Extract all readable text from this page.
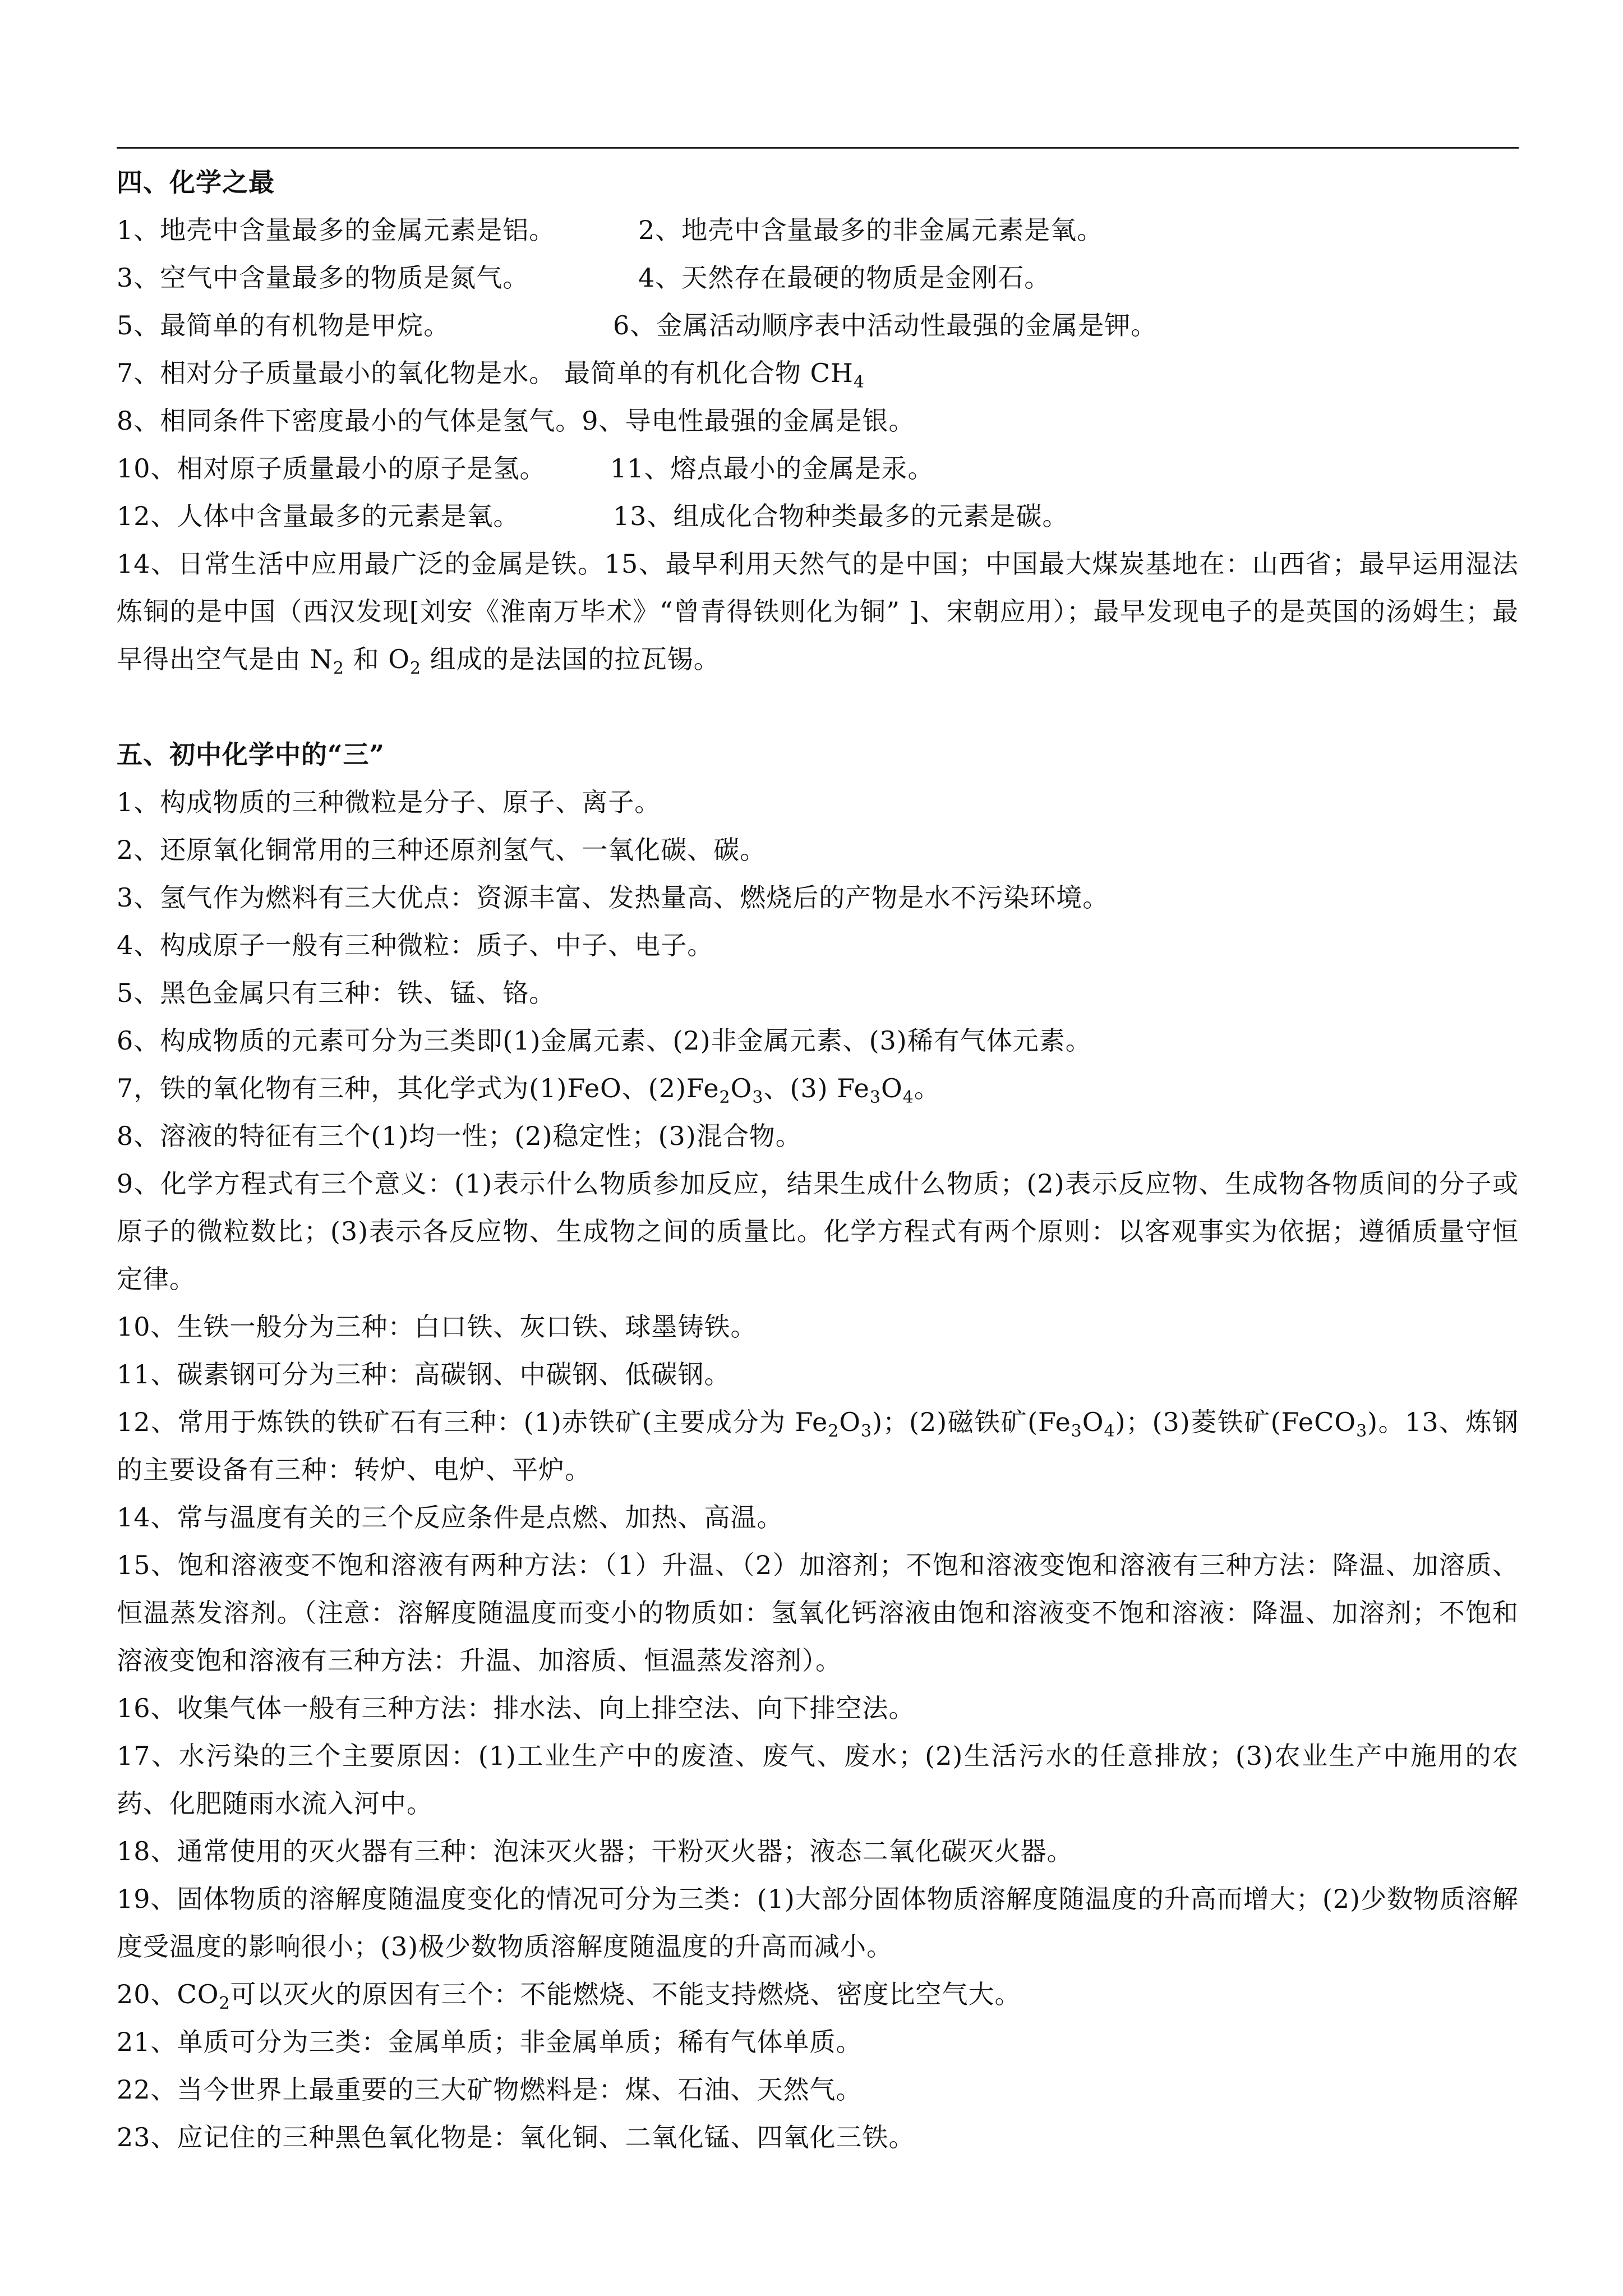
四、化学之最

1、地壳中含量最多的金属元素是铝。	2、地壳中含量最多的非金属元素是氧。
3、空气中含量最多的物质是氮气。	4、天然存在最硬的物质是金刚石。
5、最简单的有机物是甲烷。	6、金属活动顺序表中活动性最强的金属是钾。

7、相对分子质量最小的氧化物是水。 最简单的有机化合物 $CH_4$

8、相同条件下密度最小的气体是氢气。9、导电性最强的金属是银。

10、相对原子质量最小的原子是氢。	11、熔点最小的金属是汞。
12、人体中含量最多的元素是氧。	13、组成化合物种类最多的元素是碳。

14、日常生活中应用最广泛的金属是铁。15、最早利用天然气的是中国；中国最大煤炭基地在：山西省；最早运用湿法炼铜的是中国（西汉发现[刘安《淮南万毕术》“曾青得铁则化为铜” ]、宋朝应用）；最早发现电子的是英国的汤姆生；最早得出空气是由 $N_2$ 和 $O_2$ 组成的是法国的拉瓦锡。

五、初中化学中的“三”

1、构成物质的三种微粒是分子、原子、离子。

2、还原氧化铜常用的三种还原剂氢气、一氧化碳、碳。

3、氢气作为燃料有三大优点：资源丰富、发热量高、燃烧后的产物是水不污染环境。

4、构成原子一般有三种微粒：质子、中子、电子。

5、黑色金属只有三种：铁、锰、铬。

6、构成物质的元素可分为三类即(1)金属元素、(2)非金属元素、(3)稀有气体元素。

7，铁的氧化物有三种，其化学式为(1)FeO、$(2)Fe_2O_3$、(3) $Fe_3O_4$。

8、溶液的特征有三个(1)均一性；(2)稳定性；(3)混合物。

9、化学方程式有三个意义：(1)表示什么物质参加反应，结果生成什么物质；(2)表示反应物、生成物各物质间的分子或原子的微粒数比；(3)表示各反应物、生成物之间的质量比。化学方程式有两个原则：以客观事实为依据；遵循质量守恒定律。

10、生铁一般分为三种：白口铁、灰口铁、球墨铸铁。

11、碳素钢可分为三种：高碳钢、中碳钢、低碳钢。

12、常用于炼铁的铁矿石有三种：(1)赤铁矿(主要成分为 $Fe_2O_3$)；(2)磁铁矿$(Fe_3O_4)$；(3)菱铁矿(FeCO$_3$)。13、炼钢的主要设备有三种：转炉、电炉、平炉。

14、常与温度有关的三个反应条件是点燃、加热、高温。

15、饱和溶液变不饱和溶液有两种方法：（1）升温、（2）加溶剂；不饱和溶液变饱和溶液有三种方法：降温、加溶质、恒温蒸发溶剂。（注意：溶解度随温度而变小的物质如：氢氧化钙溶液由饱和溶液变不饱和溶液：降温、加溶剂；不饱和溶液变饱和溶液有三种方法：升温、加溶质、恒温蒸发溶剂）。

16、收集气体一般有三种方法：排水法、向上排空法、向下排空法。

17、水污染的三个主要原因：(1)工业生产中的废渣、废气、废水；(2)生活污水的任意排放；(3)农业生产中施用的农药、化肥随雨水流入河中。

18、通常使用的灭火器有三种：泡沫灭火器；干粉灭火器；液态二氧化碳灭火器。

19、固体物质的溶解度随温度变化的情况可分为三类：(1)大部分固体物质溶解度随温度的升高而增大；(2)少数物质溶解度受温度的影响很小；(3)极少数物质溶解度随温度的升高而减小。

20、$CO_2$可以灭火的原因有三个：不能燃烧、不能支持燃烧、密度比空气大。

21、单质可分为三类：金属单质；非金属单质；稀有气体单质。

22、当今世界上最重要的三大矿物燃料是：煤、石油、天然气。

23、应记住的三种黑色氧化物是：氧化铜、二氧化锰、四氧化三铁。
